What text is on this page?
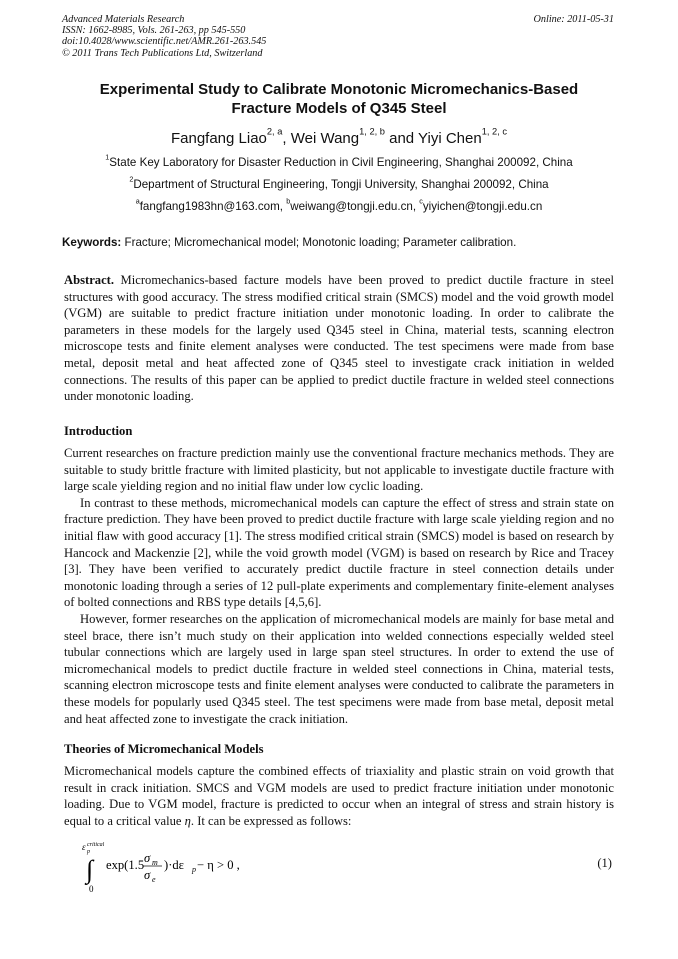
Advanced Materials Research
ISSN: 1662-8985, Vols. 261-263, pp 545-550
doi:10.4028/www.scientific.net/AMR.261-263.545
© 2011 Trans Tech Publications Ltd, Switzerland
Online: 2011-05-31
Experimental Study to Calibrate Monotonic Micromechanics-Based
Fracture Models of Q345 Steel
Fangfang Liao$^{2, a}$, Wei Wang$^{1, 2, b}$ and Yiyi Chen$^{1, 2, c}$
$^1$State Key Laboratory for Disaster Reduction in Civil Engineering, Shanghai 200092, China
$^2$Department of Structural Engineering, Tongji University, Shanghai 200092, China
$^a$fangfang1983hn@163.com, $^b$weiwang@tongji.edu.cn, $^c$yiyichen@tongji.edu.cn
Keywords: Fracture; Micromechanical model; Monotonic loading; Parameter calibration.

Abstract. Micromechanics-based facture models have been proved to predict ductile fracture in steel structures with good accuracy. The stress modified critical strain (SMCS) model and the void growth model (VGM) are suitable to predict fracture initiation under monotonic loading. In order to calibrate the parameters in these models for the largely used Q345 steel in China, material tests, scanning electron microscope tests and finite element analyses were conducted. The test specimens were made from base metal, deposit metal and heat affected zone of Q345 steel to investigate crack initiation in welded connections. The results of this paper can be applied to predict ductile fracture in welded steel connections under monotonic loading.

Introduction

Current researches on fracture prediction mainly use the conventional fracture mechanics methods. They are suitable to study brittle fracture with limited plasticity, but not applicable to investigate ductile fracture with large scale yielding region and no initial flaw under low cyclic loading.

In contrast to these methods, micromechanical models can capture the effect of stress and strain state on fracture prediction. They have been proved to predict ductile fracture with large scale yielding region and no initial flaw with good accuracy [1]. The stress modified critical strain (SMCS) model is based on research by Hancock and Mackenzie [2], while the void growth model (VGM) is based on research by Rice and Tracey [3]. They have been verified to accurately predict ductile fracture in steel connection details under monotonic loading through a series of 12 pull-plate experiments and complementary finite-element analyses of bolted connections and RBS type details [4,5,6].

However, former researches on the application of micromechanical models are mainly for base metal and steel brace, there isn’t much study on their application into welded connections especially welded steel tubular connections which are largely used in large span steel structures. In order to extend the use of micromechanical models to predict ductile fracture in welded steel connections in China, material tests, scanning electron microscope tests and finite element analyses were conducted to calibrate the parameters in these models for popularly used Q345 steel. The test specimens were made from base metal, deposit metal and heat affected zone to investigate the crack initiation.

Theories of Micromechanical Models

Micromechanical models capture the combined effects of triaxiality and plastic strain on void growth that result in crack initiation. SMCS and VGM models are used to predict fracture initiation under monotonic loading. Due to VGM model, fracture is predicted to occur when an integral of stress and strain history is equal to a critical value η. It can be expressed as follows:

ε p
critical
∫
0
exp(1.5 σ m
σ e
)·dε p − η > 0 ,	(1)
